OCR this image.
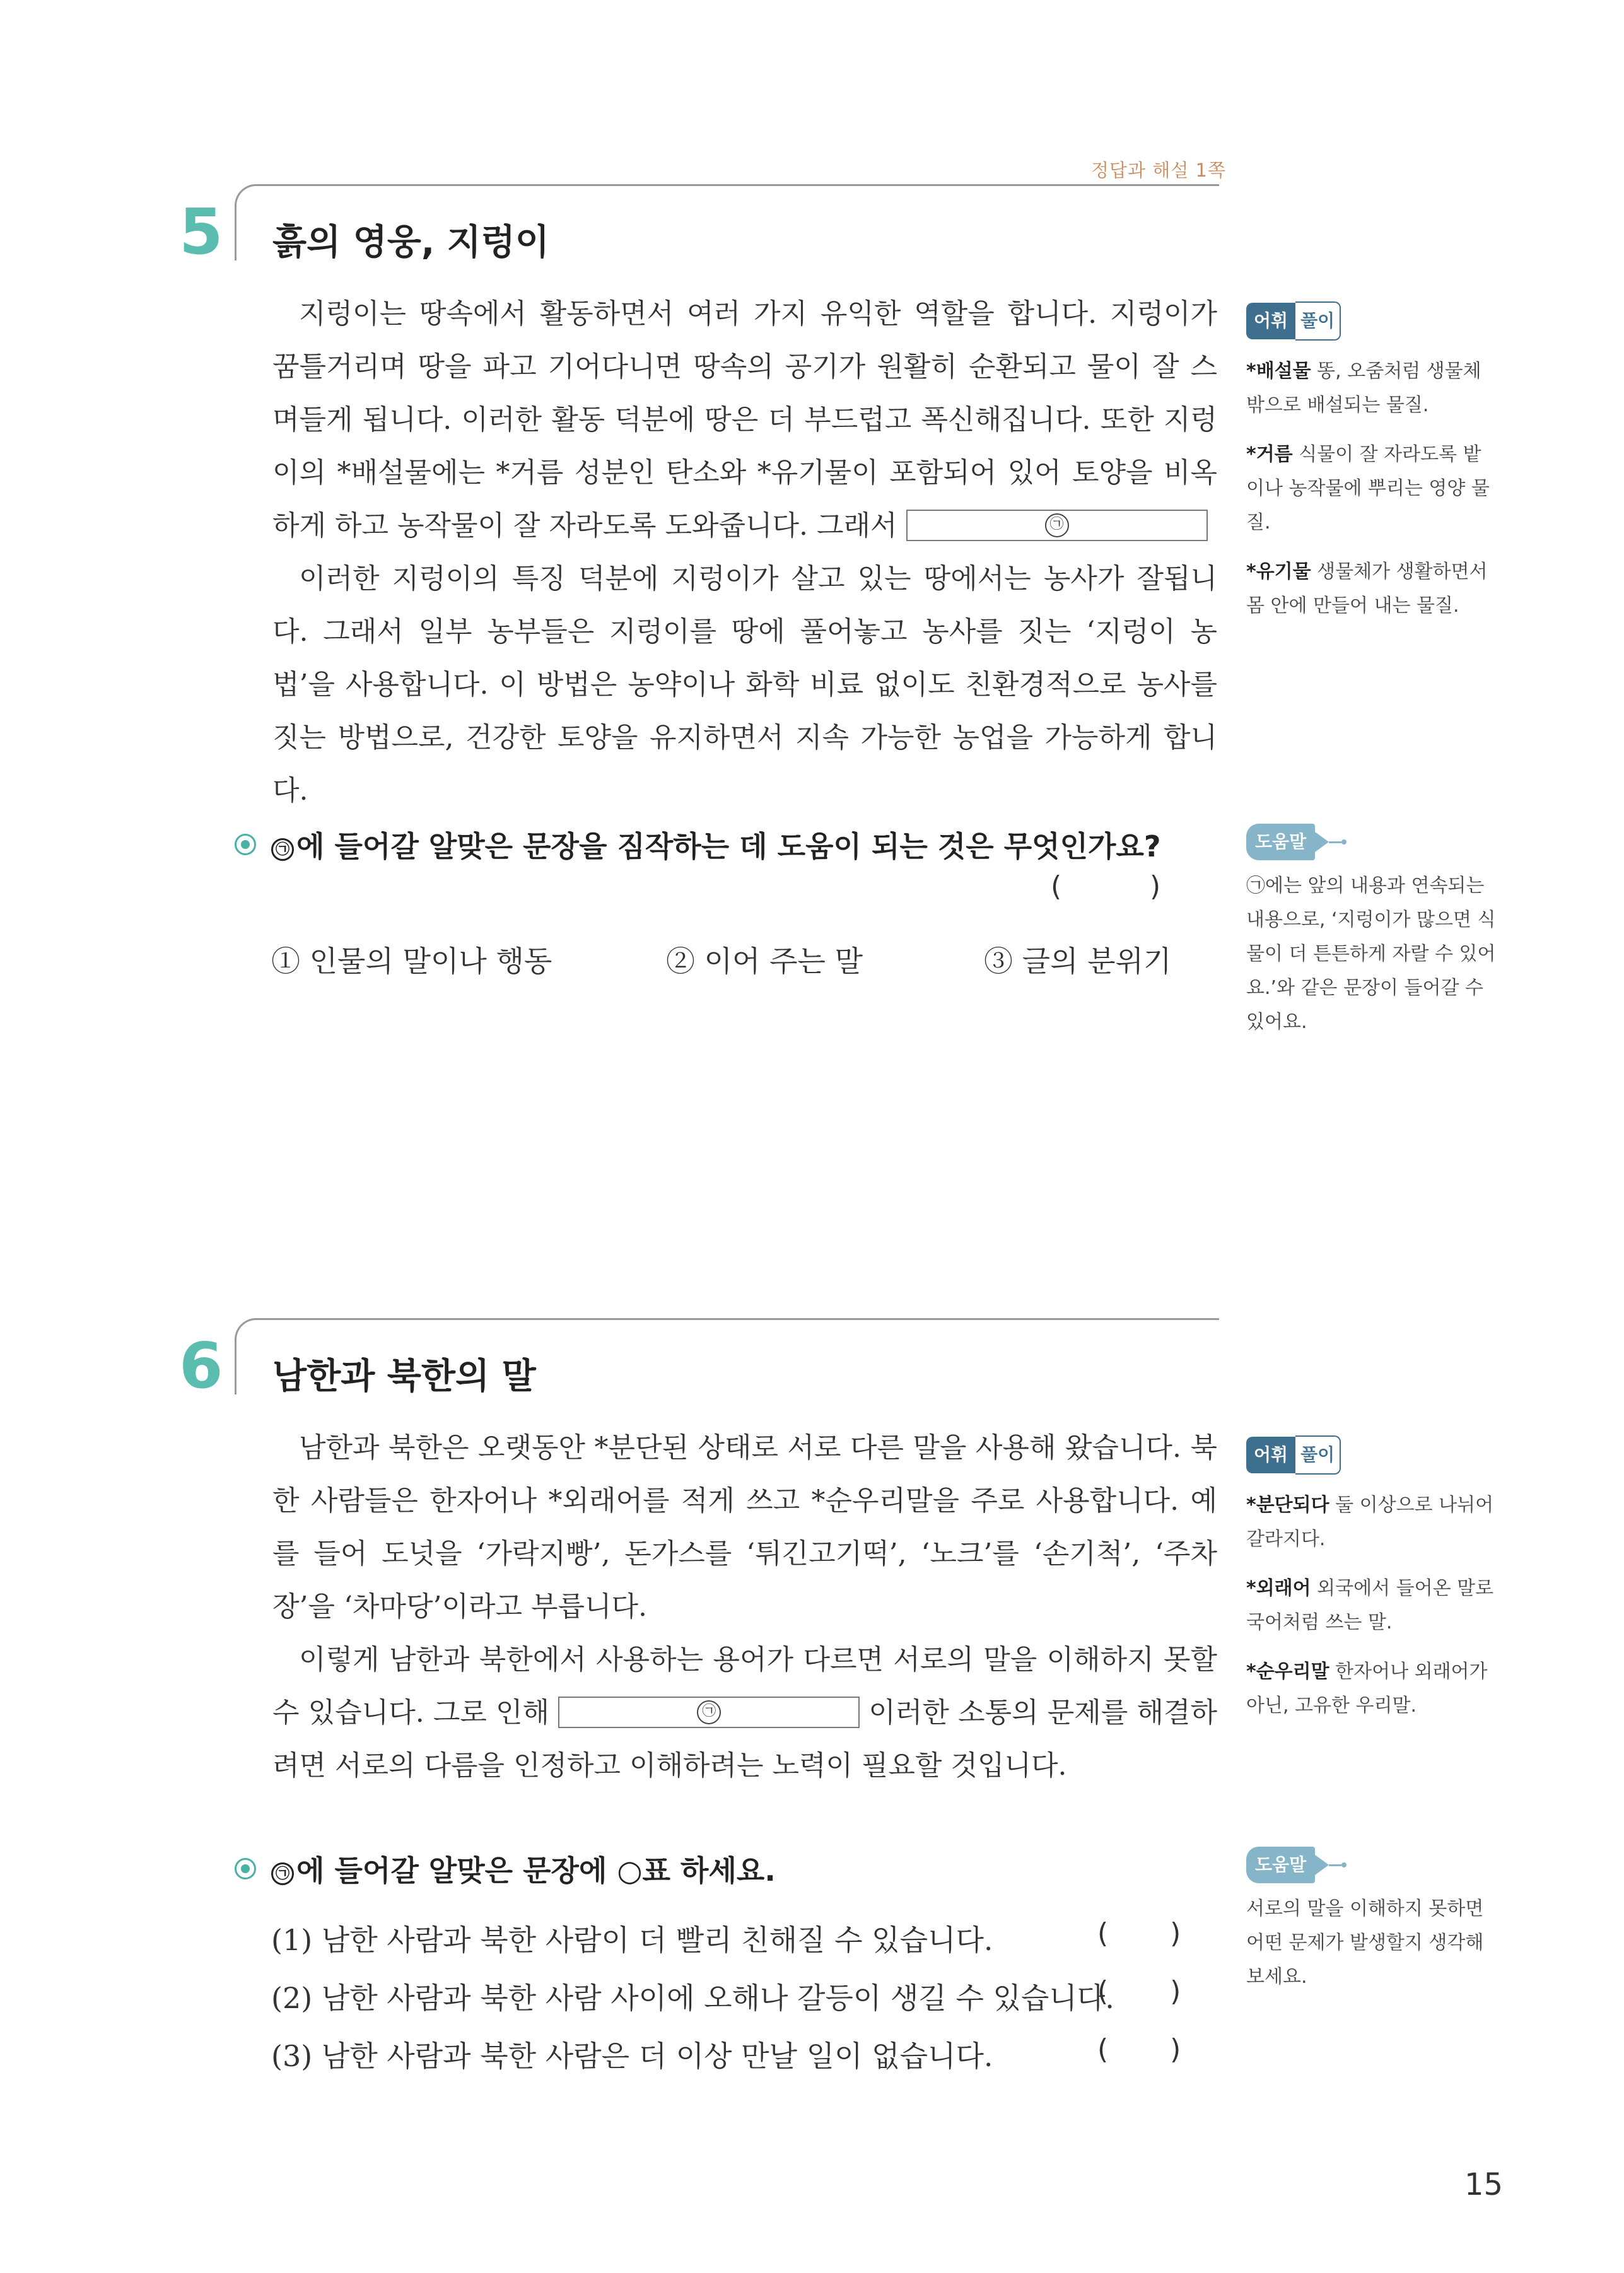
정답과 해설 1쪽
5 흙의 영웅, 지렁이

지렁이는 땅속에서 활동하면서 여러 가지 유익한 역할을 합니다. 지렁이가 꿈틀거리며 땅을 파고 기어다니면 땅속의 공기가 원활히 순환되고 물이 잘 스며들게 됩니다. 이러한 활동 덕분에 땅은 더 부드럽고 폭신해집니다. 또한 지렁이의 *배설물에는 *거름 성분인 탄소와 *유기물이 포함되어 있어 토양을 비옥하게 하고 농작물이 잘 자라도록 도와줍니다. 그래서	㉠

이러한 지렁이의 특징 덕분에 지렁이가 살고 있는 땅에서는 농사가 잘됩니다. 그래서 일부 농부들은 지렁이를 땅에 풀어놓고 농사를 짓는 ‘지렁이 농법’을 사용합니다. 이 방법은 농약이나 화학 비료 없이도 친환경적으로 농사를 짓는 방법으로, 건강한 토양을 유지하면서 지속 가능한 농업을 가능하게 합니다.

㉠ 에 들어갈 알맞은 문장을 짐작하는 데 도움이 되는 것은 무엇인가요?
(          )
① 인물의 말이나 행동	② 이어 주는 말	③ 글의 분위기
어휘 풀이

*배설물 똥, 오줌처럼 생물체 밖으로 배설되는 물질.

*거름 식물이 잘 자라도록 밭이나 농작물에 뿌리는 영양 물질.

*유기물 생물체가 생활하면서 몸 안에 만들어 내는 물질.

도움말

㉠에는 앞의 내용과 연속되는 내용으로, ‘지렁이가 많으면 식물이 더 튼튼하게 자랄 수 있어요.’와 같은 문장이 들어갈 수 있어요.

6 남한과 북한의 말

남한과 북한은 오랫동안 *분단된 상태로 서로 다른 말을 사용해 왔습니다. 북한 사람들은 한자어나 *외래어를 적게 쓰고 *순우리말을 주로 사용합니다. 예를 들어 도넛을 ‘가락지빵’, 돈가스를 ‘튀긴고기떡’, ‘노크’를 ‘손기척’, ‘주차장’을 ‘차마당’이라고 부릅니다.

이렇게 남한과 북한에서 사용하는 용어가 다르면 서로의 말을 이해하지 못할 수 있습니다. 그로 인해	㉠	이러한 소통의 문제를 해결하려면 서로의 다름을 인정하고 이해하려는 노력이 필요할 것입니다.

㉠ 에 들어갈 알맞은 문장에 ○표 하세요.
(1) 남한 사람과 북한 사람이 더 빨리 친해질 수 있습니다.	(       )
(2) 남한 사람과 북한 사람 사이에 오해나 갈등이 생길 수 있습니다.
(       )
(3) 남한 사람과 북한 사람은 더 이상 만날 일이 없습니다.	(       )
어휘 풀이

*분단되다 둘 이상으로 나뉘어 갈라지다.

*외래어 외국에서 들어온 말로 국어처럼 쓰는 말.

*순우리말 한자어나 외래어가 아닌, 고유한 우리말.

도움말

서로의 말을 이해하지 못하면 어떤 문제가 발생할지 생각해 보세요.

15
